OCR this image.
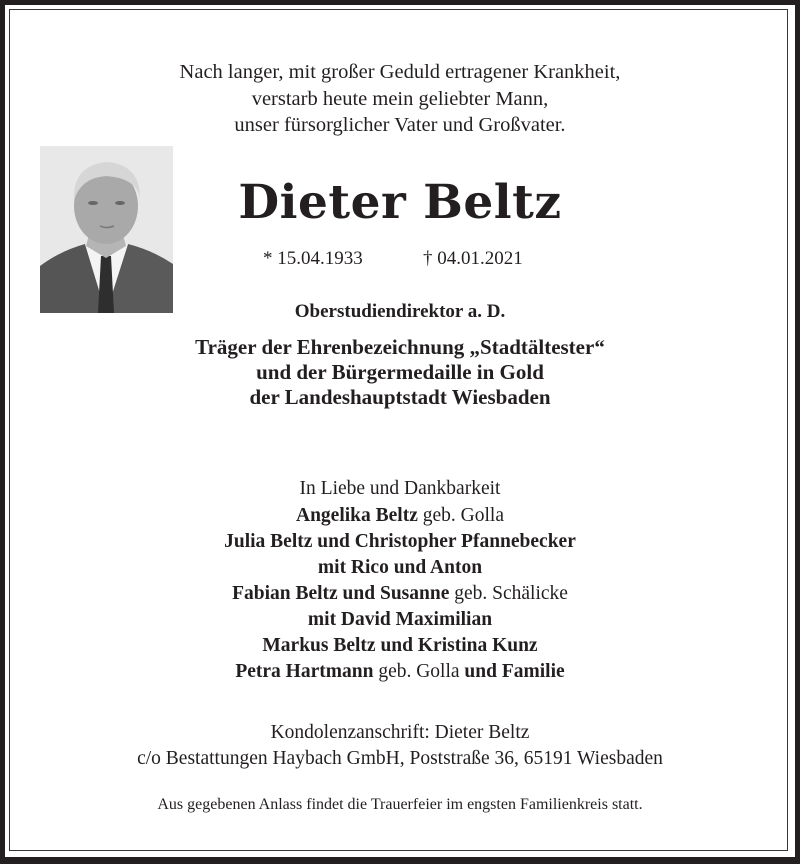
Nach langer, mit großer Geduld ertragener Krankheit,
verstarb heute mein geliebter Mann,
unser fürsorglicher Vater und Großvater.
Dieter Beltz
* 15.04.1933	† 04.01.2021
Oberstudiendirektor a. D.
Träger der Ehrenbezeichnung „Stadtältester“
und der Bürgermedaille in Gold
der Landeshauptstadt Wiesbaden
In Liebe und Dankbarkeit
Angelika Beltz geb. Golla
Julia Beltz und Christopher Pfannebecker
mit Rico und Anton
Fabian Beltz und Susanne geb. Schälicke
mit David Maximilian
Markus Beltz und Kristina Kunz
Petra Hartmann geb. Golla und Familie
Kondolenzanschrift: Dieter Beltz
c/o Bestattungen Haybach GmbH, Poststraße 36, 65191 Wiesbaden
Aus gegebenen Anlass findet die Trauerfeier im engsten Familienkreis statt.
